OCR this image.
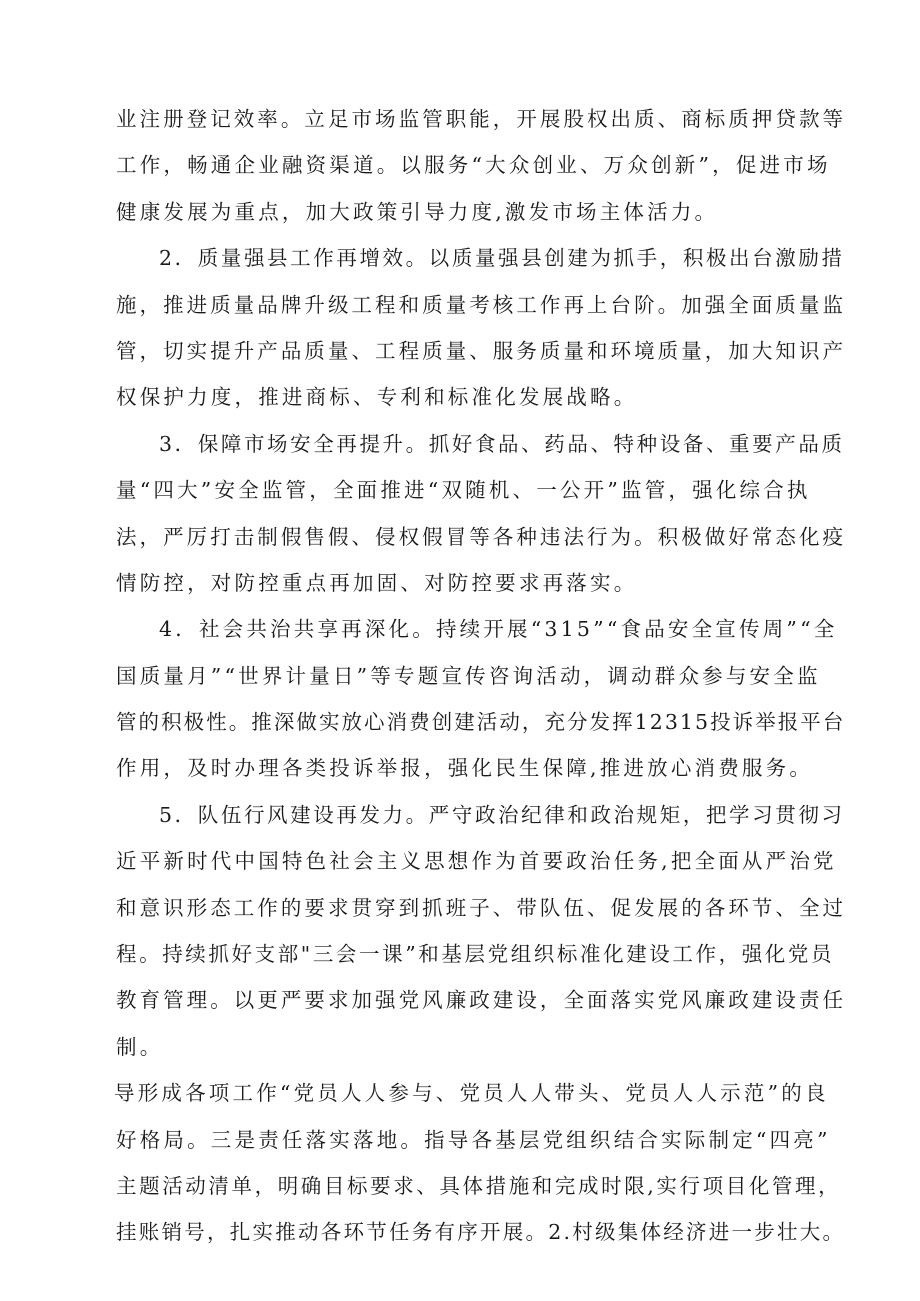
业注册登记效率。立足市场监管职能，开展股权出质、商标质押贷款等
工作，畅通企业融资渠道。以服务“大众创业、万众创新”，促进市场
健康发展为重点，加大政策引导力度,激发市场主体活力。
2．质量强县工作再增效。以质量强县创建为抓手，积极出台激励措
施，推进质量品牌升级工程和质量考核工作再上台阶。加强全面质量监
管，切实提升产品质量、工程质量、服务质量和环境质量，加大知识产
权保护力度，推进商标、专利和标准化发展战略。
3．保障市场安全再提升。抓好食品、药品、特种设备、重要产品质
量“四大”安全监管，全面推进“双随机、一公开”监管，强化综合执
法，严厉打击制假售假、侵权假冒等各种违法行为。积极做好常态化疫
情防控，对防控重点再加固、对防控要求再落实。
4．社会共治共享再深化。持续开展“315”“食品安全宣传周”“全
国质量月”“世界计量日”等专题宣传咨询活动，调动群众参与安全监
管的积极性。推深做实放心消费创建活动，充分发挥12315投诉举报平台
作用，及时办理各类投诉举报，强化民生保障,推进放心消费服务。
5．队伍行风建设再发力。严守政治纪律和政治规矩，把学习贯彻习
近平新时代中国特色社会主义思想作为首要政治任务,把全面从严治党
和意识形态工作的要求贯穿到抓班子、带队伍、促发展的各环节、全过
程。持续抓好支部"三会一课”和基层党组织标准化建设工作，强化党员
教育管理。以更严要求加强党风廉政建设，全面落实党风廉政建设责任
制。
导形成各项工作“党员人人参与、党员人人带头、党员人人示范”的良
好格局。三是责任落实落地。指导各基层党组织结合实际制定“四亮”
主题活动清单，明确目标要求、具体措施和完成时限,实行项目化管理，
挂账销号，扎实推动各环节任务有序开展。2.村级集体经济进一步壮大。
